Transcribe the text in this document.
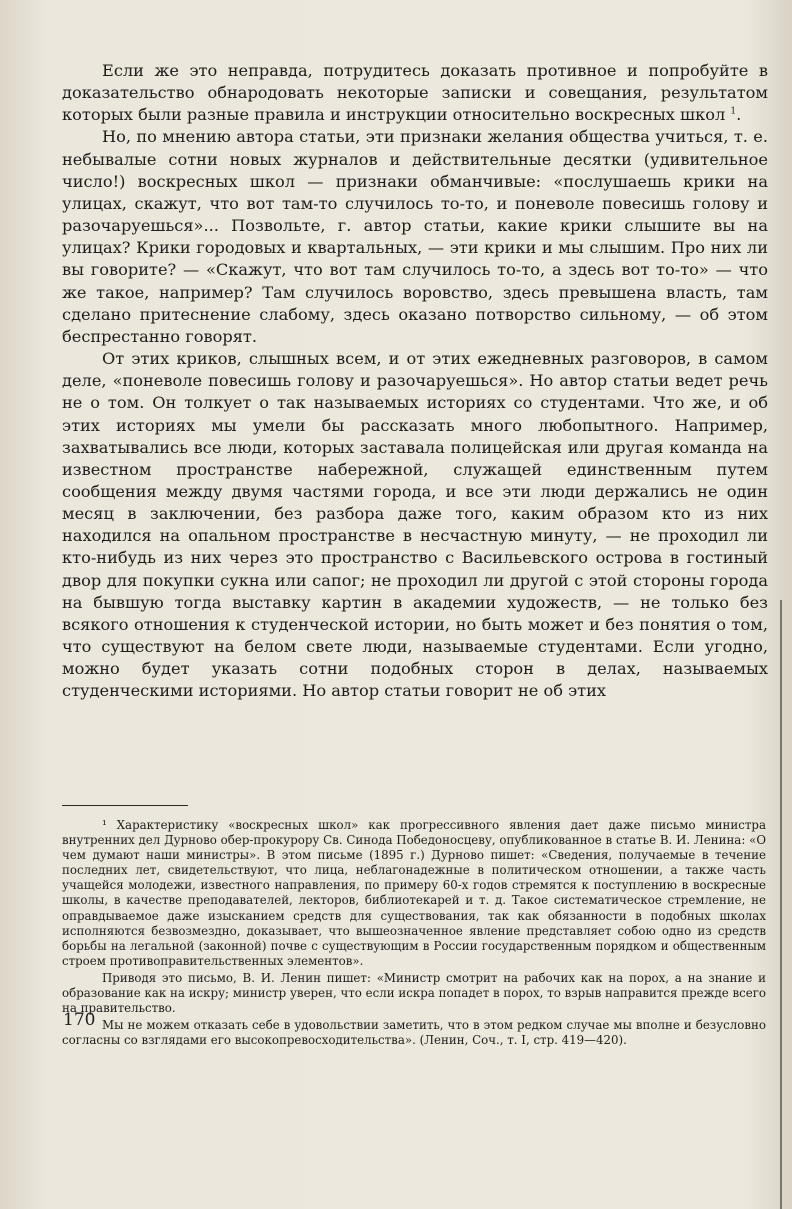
Если же это неправда, потрудитесь доказать противное и попробуйте в доказательство обнародовать некоторые записки и совещания, результатом которых были разные правила и инструкции относительно воскресных школ $^1$.

Но, по мнению автора статьи, эти признаки желания общества учиться, т. е. небывалые сотни новых журналов и действительные десятки (удивительное число!) воскресных школ — признаки обманчивые: «послушаешь крики на улицах, скажут, что вот там-то случилось то-то, и поневоле повесишь голову и разочаруешься»... Позвольте, г. автор статьи, какие крики слышите вы на улицах? Крики городовых и квартальных, — эти крики и мы слышим. Про них ли вы говорите? — «Скажут, что вот там случилось то-то, а здесь вот то-то» — что же такое, например? Там случилось воровство, здесь превышена власть, там сделано притеснение слабому, здесь оказано потворство сильному, — об этом беспрестанно говорят.

От этих криков, слышных всем, и от этих ежедневных разговоров, в самом деле, «поневоле повесишь голову и разочаруешься». Но автор статьи ведет речь не о том. Он толкует о так называемых историях со студентами. Что же, и об этих историях мы умели бы рассказать много любопытного. Например, захватывались все люди, которых заставала полицейская или другая команда на известном пространстве набережной, служащей единственным путем сообщения между двумя частями города, и все эти люди держались не один месяц в заключении, без разбора даже того, каким образом кто из них находился на опальном пространстве в несчастную минуту, — не проходил ли кто-нибудь из них через это пространство с Васильевского острова в гостиный двор для покупки сукна или сапог; не проходил ли другой с этой стороны города на бывшую тогда выставку картин в академии художеств, — не только без всякого отношения к студенческой истории, но быть может и без понятия о том, что существуют на белом свете люди, называемые студентами. Если угодно, можно будет указать сотни подобных сторон в делах, называемых студенческими историями. Но автор статьи говорит не об этих

¹ Характеристику «воскресных школ» как прогрессивного явления дает даже письмо министра внутренних дел Дурново обер-прокурору Св. Синода Победоносцеву, опубликованное в статье В. И. Ленина: «О чем думают наши министры». В этом письме (1895 г.) Дурново пишет: «Сведения, получаемые в течение последних лет, свидетельствуют, что лица, неблагонадежные в политическом отношении, а также часть учащейся молодежи, известного направления, по примеру 60-х годов стремятся к поступлению в воскресные школы, в качестве преподавателей, лекторов, библиотекарей и т. д. Такое систематическое стремление, не оправдываемое даже изысканием средств для существования, так как обязанности в подобных школах исполняются безвозмездно, доказывает, что вышеозначенное явление представляет собою одно из средств борьбы на легальной (законной) почве с существующим в России государственным порядком и общественным строем противоправительственных элементов».

Приводя это письмо, В. И. Ленин пишет: «Министр смотрит на рабочих как на порох, а на знание и образование как на искру; министр уверен, что если искра попадет в порох, то взрыв направится прежде всего на правительство.

Мы не можем отказать себе в удовольствии заметить, что в этом редком случае мы вполне и безусловно согласны со взглядами его высокопревосходительства». (Ленин, Соч., т. I, стр. 419—420).

170
